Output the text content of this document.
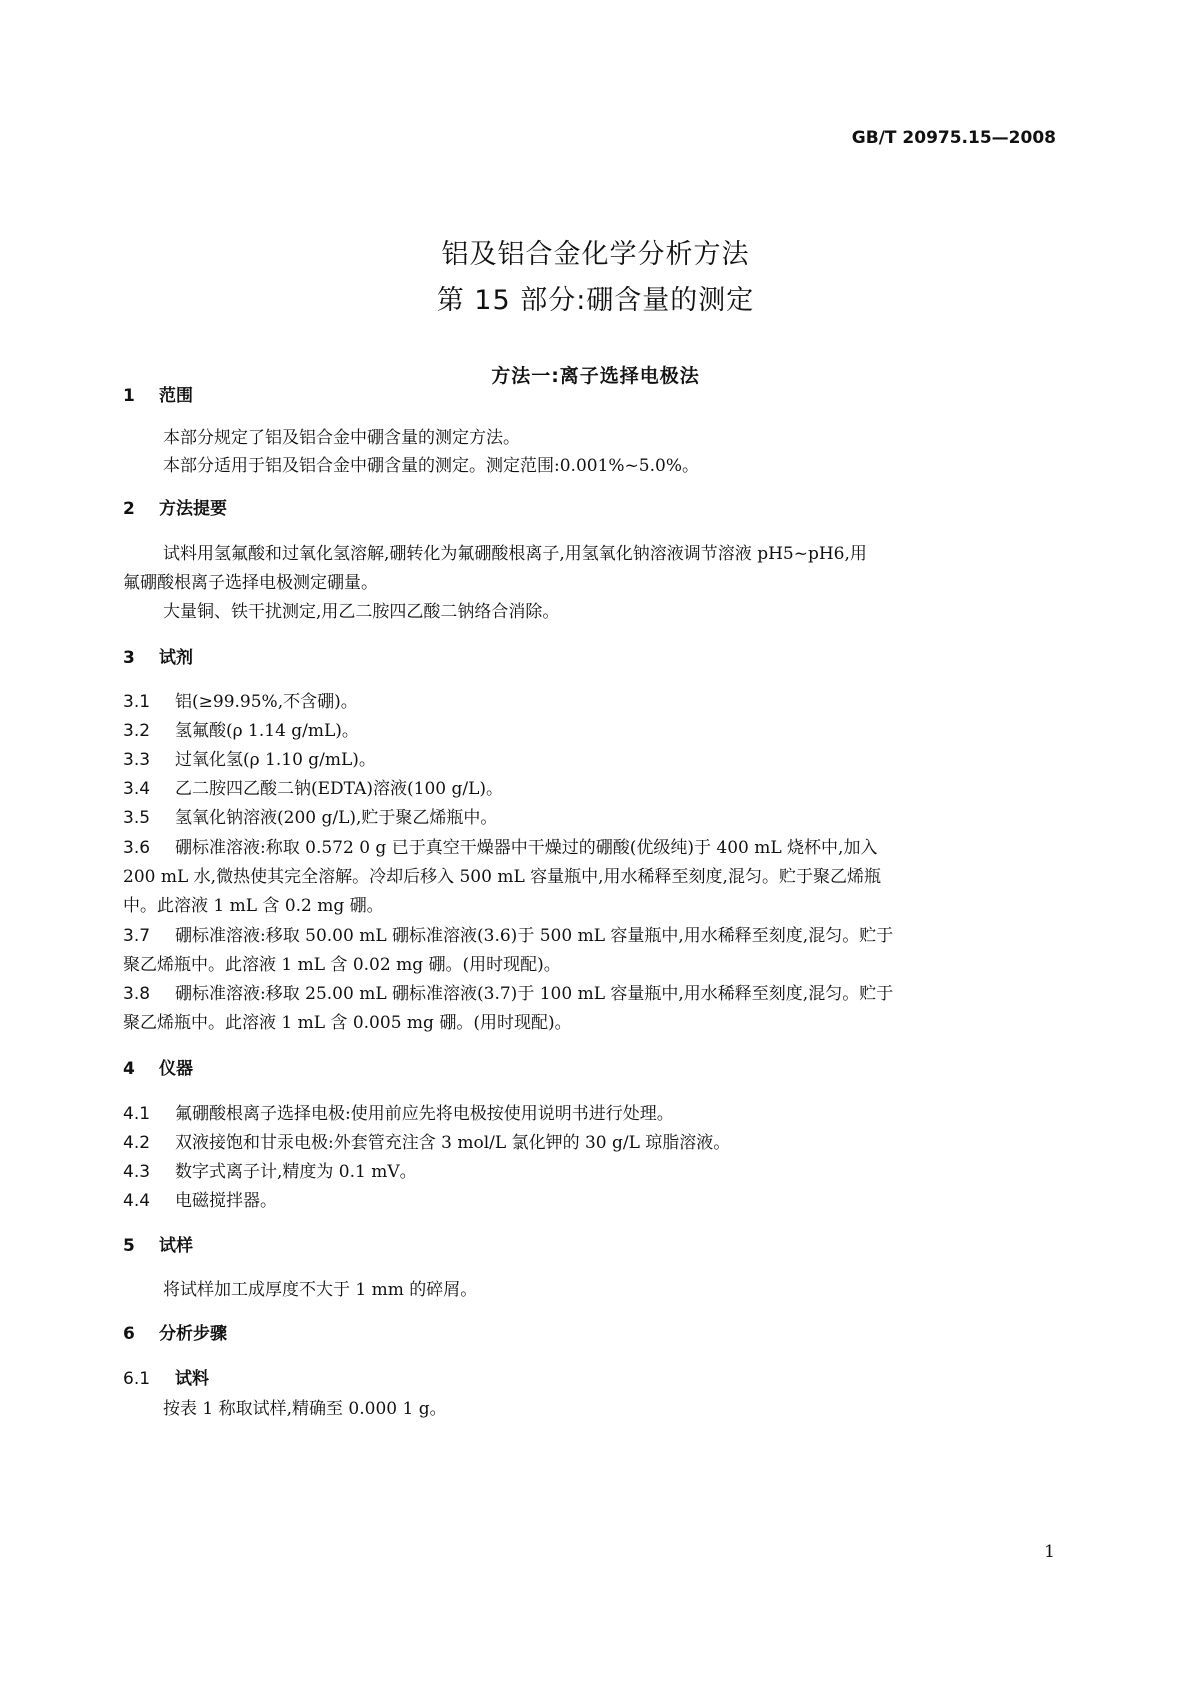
GB/T 20975.15—2008
铝及铝合金化学分析方法
第 15 部分:硼含量的测定
方法一:离子选择电极法
1 范围
本部分规定了铝及铝合金中硼含量的测定方法。
本部分适用于铝及铝合金中硼含量的测定。测定范围:0.001%~5.0%。
2 方法提要
试料用氢氟酸和过氧化氢溶解,硼转化为氟硼酸根离子,用氢氧化钠溶液调节溶液 pH5~pH6,用
氟硼酸根离子选择电极测定硼量。
大量铜、铁干扰测定,用乙二胺四乙酸二钠络合消除。
3 试剂
3.1 铝(≥99.95%,不含硼)。
3.2 氢氟酸(ρ 1.14 g/mL)。
3.3 过氧化氢(ρ 1.10 g/mL)。
3.4 乙二胺四乙酸二钠(EDTA)溶液(100 g/L)。
3.5 氢氧化钠溶液(200 g/L),贮于聚乙烯瓶中。
3.6 硼标准溶液:称取 0.572 0 g 已于真空干燥器中干燥过的硼酸(优级纯)于 400 mL 烧杯中,加入
200 mL 水,微热使其完全溶解。冷却后移入 500 mL 容量瓶中,用水稀释至刻度,混匀。贮于聚乙烯瓶
中。此溶液 1 mL 含 0.2 mg 硼。
3.7 硼标准溶液:移取 50.00 mL 硼标准溶液(3.6)于 500 mL 容量瓶中,用水稀释至刻度,混匀。贮于
聚乙烯瓶中。此溶液 1 mL 含 0.02 mg 硼。(用时现配)。
3.8 硼标准溶液:移取 25.00 mL 硼标准溶液(3.7)于 100 mL 容量瓶中,用水稀释至刻度,混匀。贮于
聚乙烯瓶中。此溶液 1 mL 含 0.005 mg 硼。(用时现配)。
4 仪器
4.1 氟硼酸根离子选择电极:使用前应先将电极按使用说明书进行处理。
4.2 双液接饱和甘汞电极:外套管充注含 3 mol/L 氯化钾的 30 g/L 琼脂溶液。
4.3 数字式离子计,精度为 0.1 mV。
4.4 电磁搅拌器。
5 试样
将试样加工成厚度不大于 1 mm 的碎屑。
6 分析步骤
6.1 试料
按表 1 称取试样,精确至 0.000 1 g。
1
